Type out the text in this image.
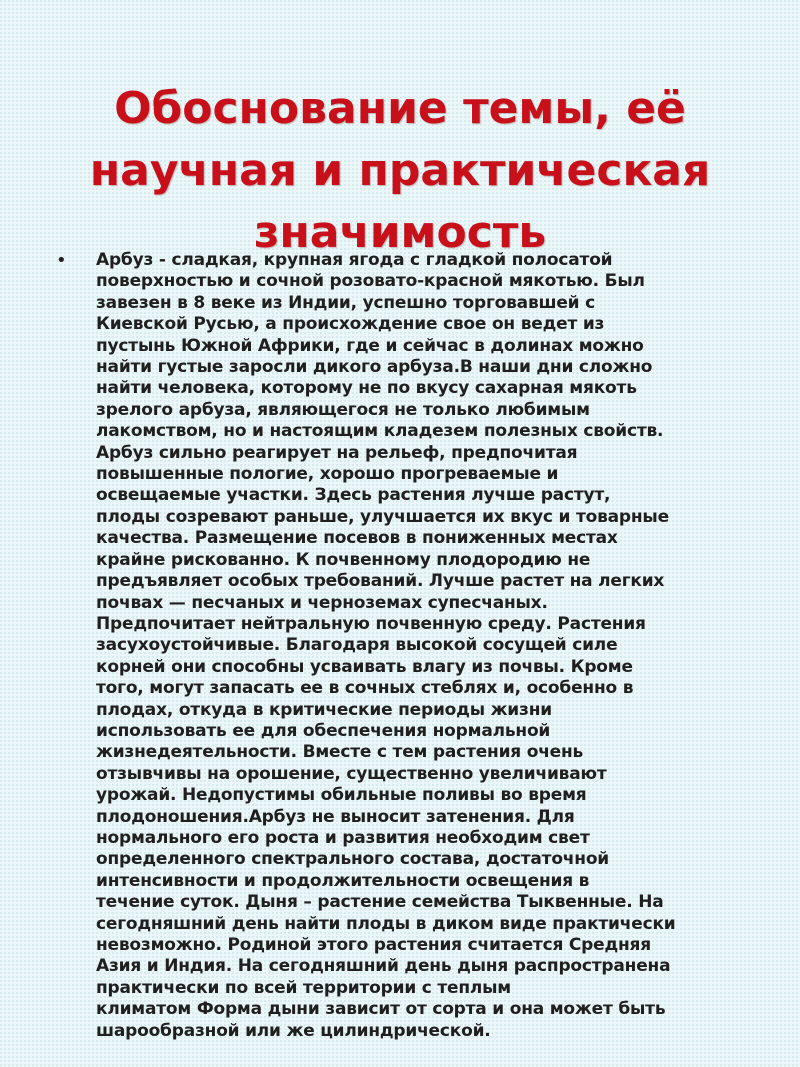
Обоснование темы, её
научная и практическая
значимость
•	Арбуз - сладкая, крупная ягода с гладкой полосатой
поверхностью и сочной розовато-красной мякотью. Был
завезен в 8 веке из Индии, успешно торговавшей с
Киевской Русью, а происхождение свое он ведет из
пустынь Южной Африки, где и сейчас в долинах можно
найти густые заросли дикого арбуза.В наши дни сложно
найти человека, которому не по вкусу сахарная мякоть
зрелого арбуза, являющегося не только любимым
лакомством, но и настоящим кладезем полезных свойств.
Арбуз сильно реагирует на рельеф, предпочитая
повышенные пологие, хорошо прогреваемые и
освещаемые участки. Здесь растения лучше растут,
плоды созревают раньше, улучшается их вкус и товарные
качества. Размещение посевов в пониженных местах
крайне рискованно. К почвенному плодородию не
предъявляет особых требований. Лучше растет на легких
почвах — песчаных и черноземах супесчаных.
Предпочитает нейтральную почвенную среду. Растения
засухоустойчивые. Благодаря высокой сосущей силе
корней они способны усваивать влагу из почвы. Кроме
того, могут запасать ее в сочных стеблях и, особенно в
плодах, откуда в критические периоды жизни
использовать ее для обеспечения нормальной
жизнедеятельности. Вместе с тем растения очень
отзывчивы на орошение, существенно увеличивают
урожай. Недопустимы обильные поливы во время
плодоношения.Арбуз не выносит затенения. Для
нормального его роста и развития необходим свет
определенного спектрального состава, достаточной
интенсивности и продолжительности освещения в
течение суток. Дыня – растение семейства Тыквенные. На
сегодняшний день найти плоды в диком виде практически
невозможно. Родиной этого растения считается Средняя
Азия и Индия. На сегодняшний день дыня распространена
практически по всей территории с теплым
климатом Форма дыни зависит от сорта и она может быть
шарообразной или же цилиндрической.
